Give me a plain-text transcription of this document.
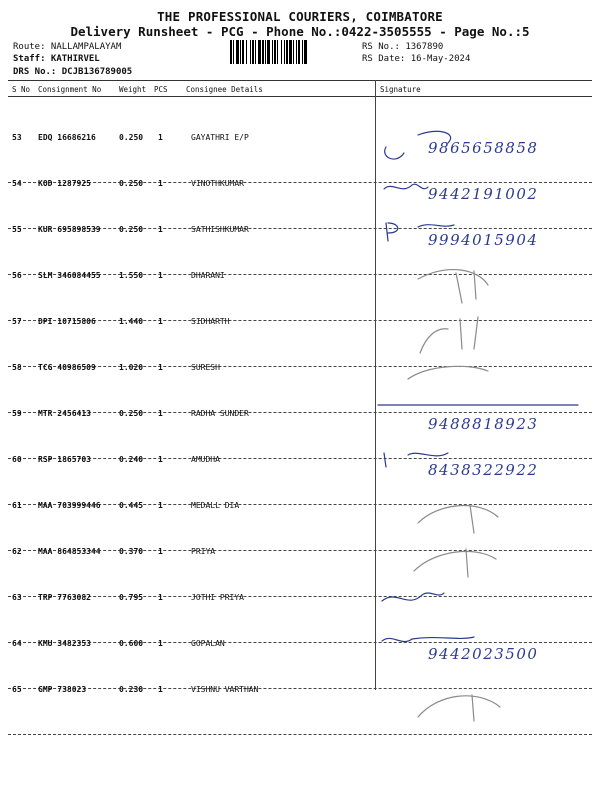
THE PROFESSIONAL COURIERS, COIMBATORE
Delivery Runsheet - PCG - Phone No.:0422-3505555 - Page No.:5
Route: NALLAMPALAYAM
Staff: KATHIRVEL
DRS No.: DCJB136789005
RS No.: 1367890
RS Date: 16-May-2024
S No Consignment No Weight PCS Consignee Details	Signature
53 EDQ 16686216	0.250 1	GAYATHRI E/P
9865658858
54 KOD 1287925	0.250 1	VINOTHKUMAR
9442191002
55 KUR 695898539 0.250 1	SATHISHKUMAR
9994015904
56 SLM 346084455 1.550 1	DHARANI
57 DPI 10715806	1.440 1	SIDHARTH
58 TCG 40986509	1.020 1	SURESH
59 MTR 2456413	0.250 1	RADHA SUNDER
9488818923
60 RSP 1865703	0.240 1	AMUDHA
8438322922
61 MAA 703999446 0.445 1	MEDALL DIA
62 MAA 864853344 0.370 1	PRIYA
63 TRP 7763082	0.795 1	JOTHI PRIYA
64 KMU 3482353	0.600 1	GOPALAN
9442023500
65 GMP 738023	0.230 1	VISHNU VARTHAN
